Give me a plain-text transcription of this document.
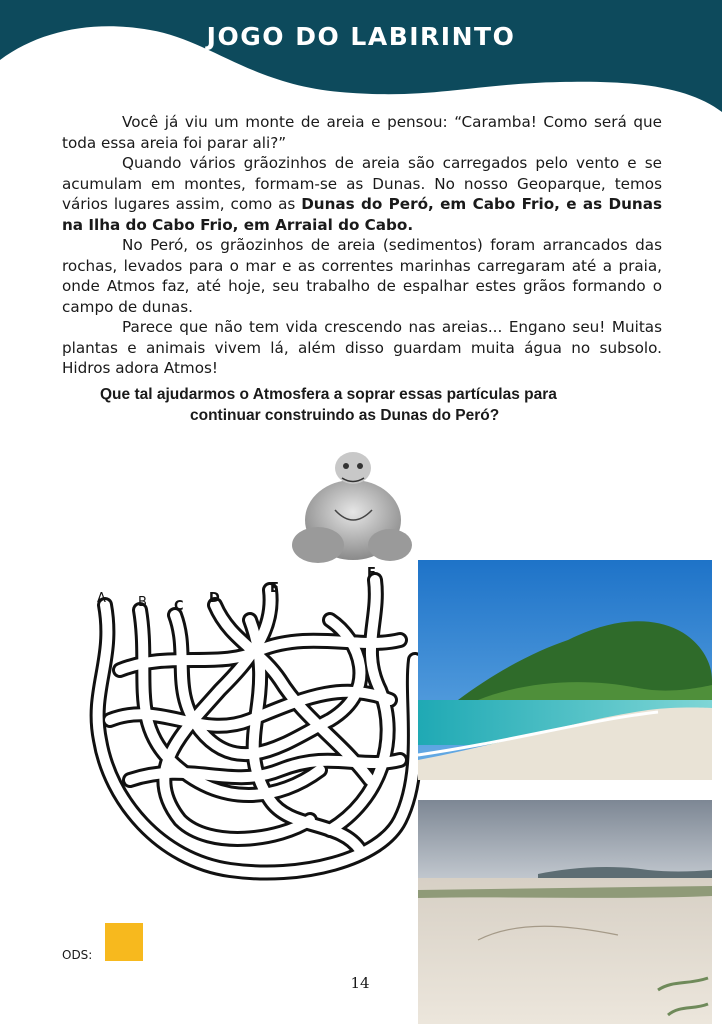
JOGO DO LABIRINTO

Você já viu um monte de areia e pensou: “Caramba! Como será que toda essa areia foi parar ali?”

Quando vários grãozinhos de areia são carregados pelo vento e se acumulam em montes, formam-se as Dunas. No nosso Geoparque, temos vários lugares assim, como as Dunas do Peró, em Cabo Frio, e as Dunas na Ilha do Cabo Frio, em Arraial do Cabo.

No Peró, os grãozinhos de areia (sedimentos) foram arrancados das rochas, levados para o mar e as correntes marinhas carregaram até a praia, onde Atmos faz, até hoje, seu trabalho de espalhar estes grãos formando o campo de dunas.

Parece que não tem vida crescendo nas areias... Engano seu! Muitas plantas e animais vivem lá, além disso guardam muita água no subsolo. Hidros adora Atmos!

Que tal ajudarmos o Atmosfera a soprar essas partículas para
continuar construindo as Dunas do Peró?
A B C
D
E
F
ODS:
14
